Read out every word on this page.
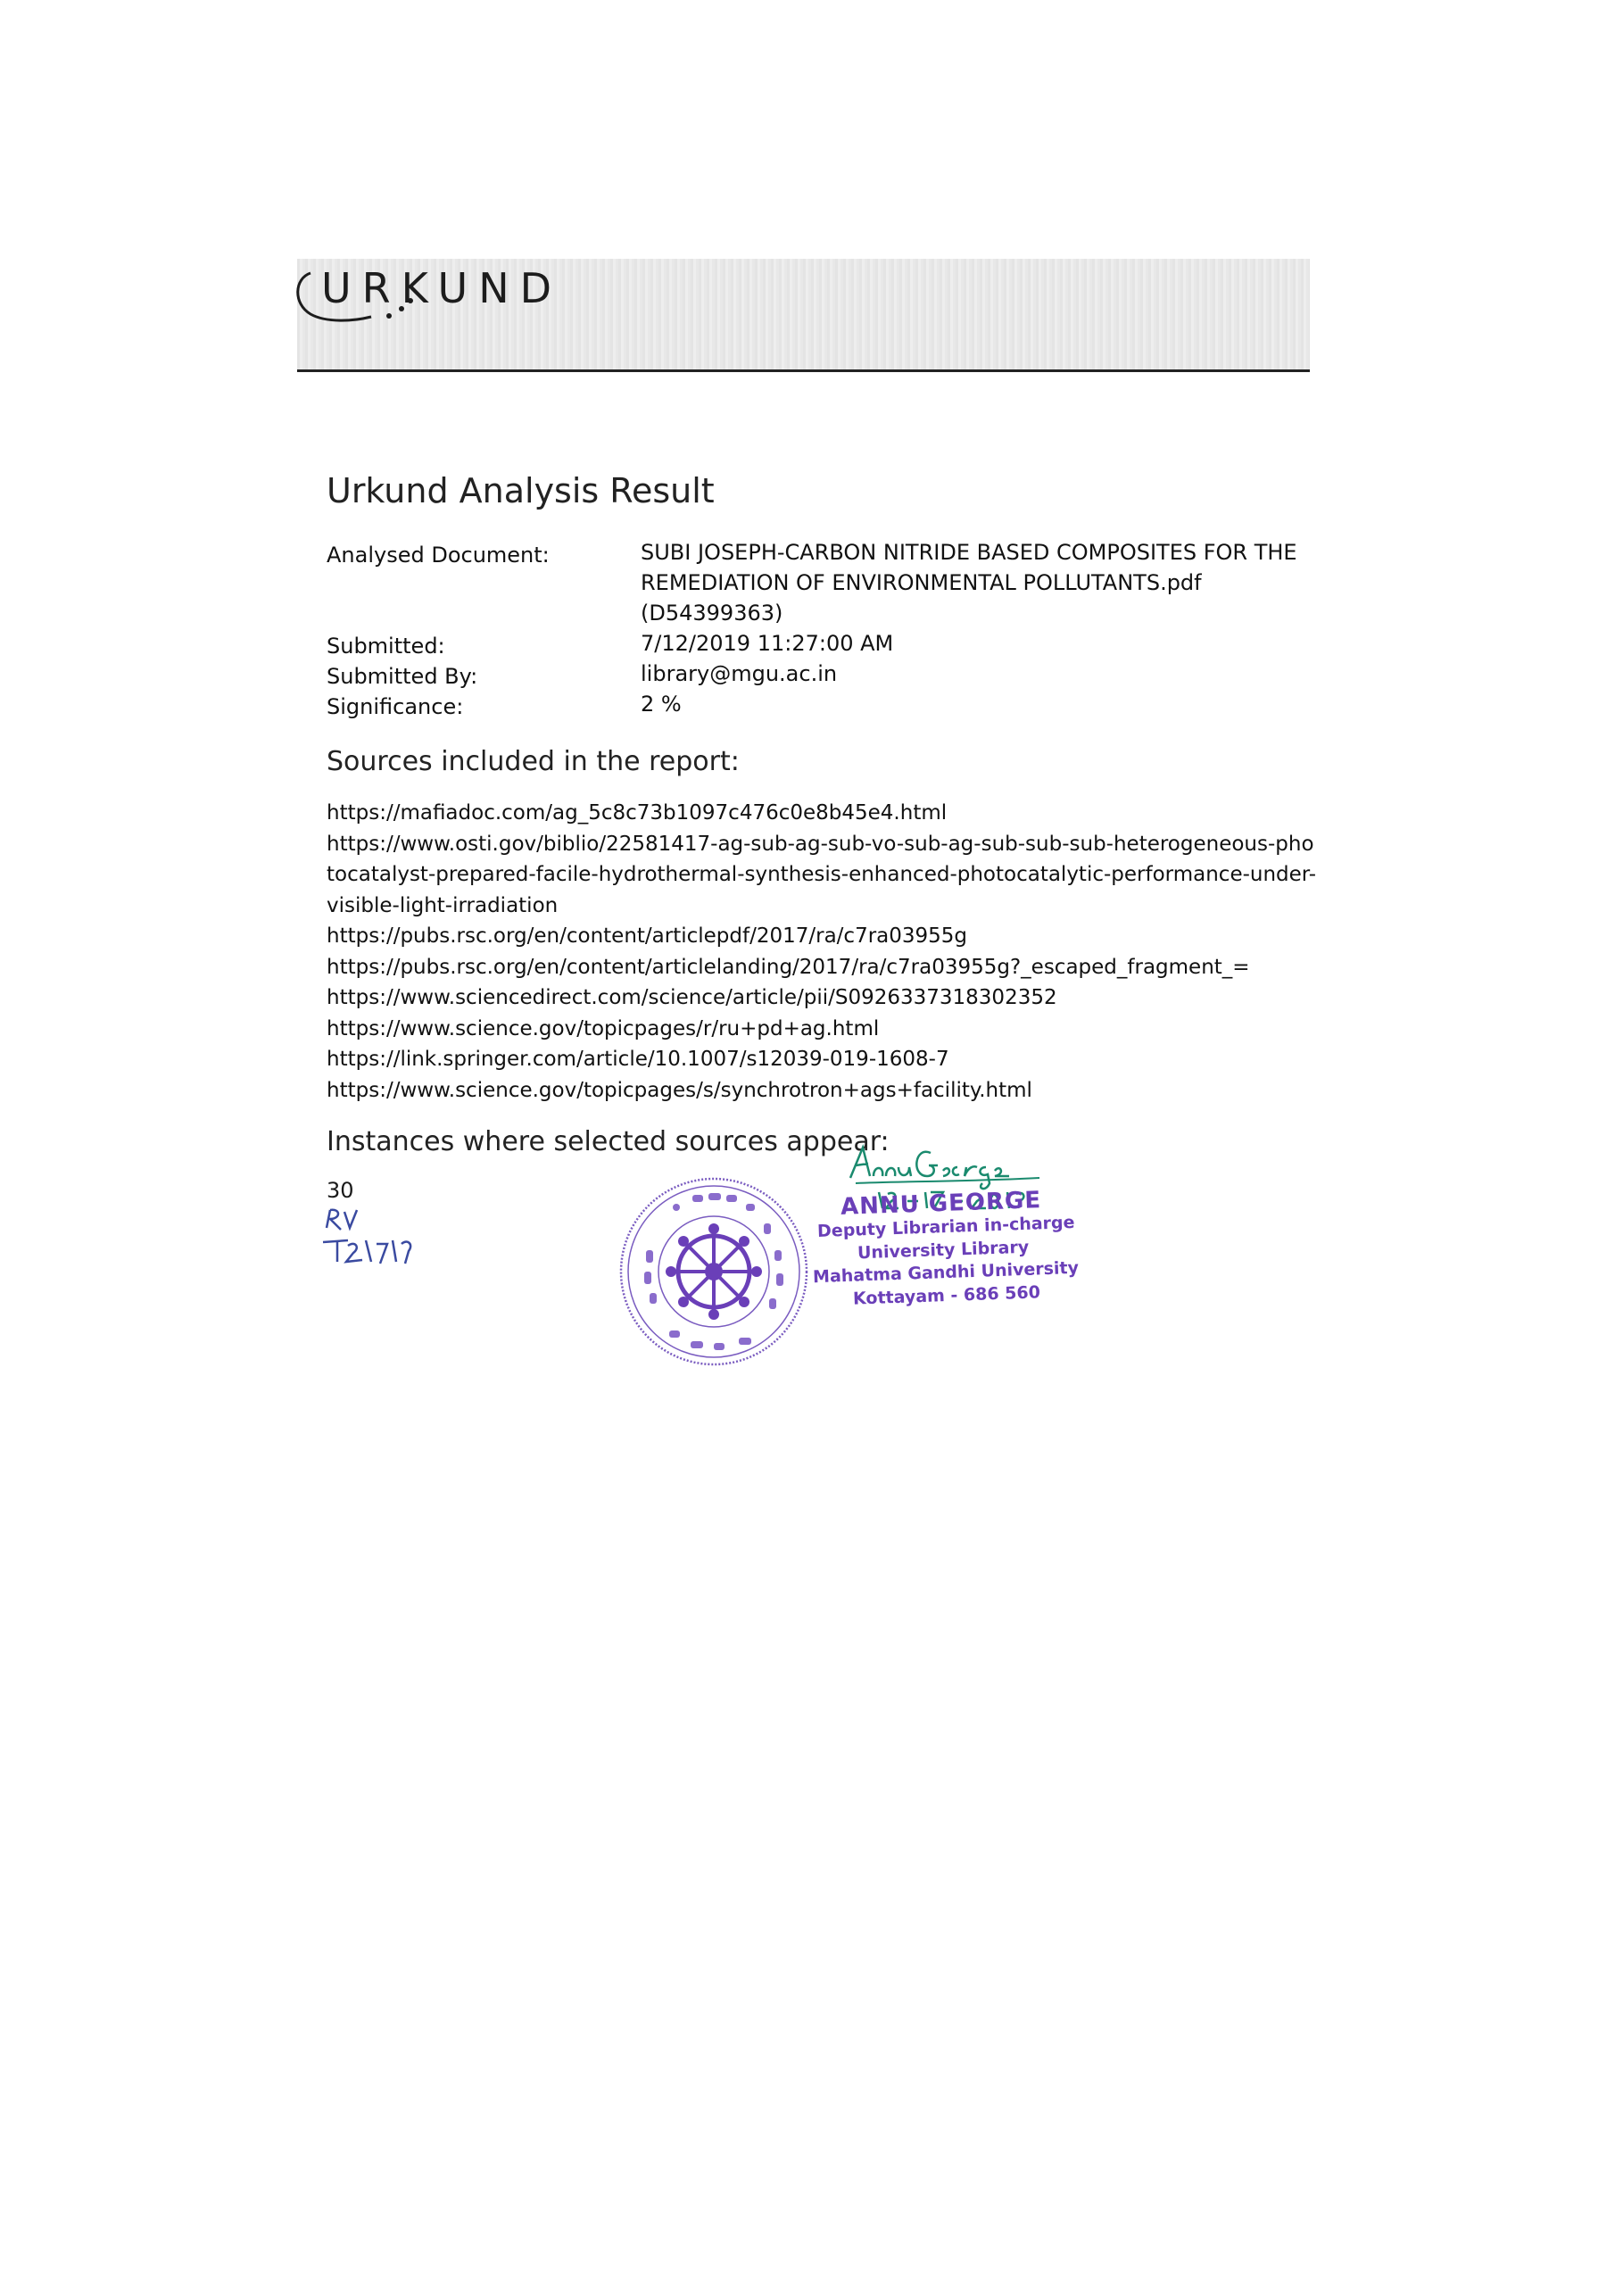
URKUND
Urkund Analysis Result
Analysed Document:	SUBI JOSEPH-CARBON NITRIDE BASED COMPOSITES FOR THE REMEDIATION OF ENVIRONMENTAL POLLUTANTS.pdf (D54399363)
Submitted:	7/12/2019 11:27:00 AM
Submitted By:	library@mgu.ac.in
Significance:	2 %
Sources included in the report:
https://mafiadoc.com/ag_5c8c73b1097c476c0e8b45e4.html
https://www.osti.gov/biblio/22581417-ag-sub-ag-sub-vo-sub-ag-sub-sub-sub-heterogeneous-photocatalyst-prepared-facile-hydrothermal-synthesis-enhanced-photocatalytic-performance-under-visible-light-irradiation
https://pubs.rsc.org/en/content/articlepdf/2017/ra/c7ra03955g
https://pubs.rsc.org/en/content/articlelanding/2017/ra/c7ra03955g?_escaped_fragment_=
https://www.sciencedirect.com/science/article/pii/S0926337318302352
https://www.science.gov/topicpages/r/ru+pd+ag.html
https://link.springer.com/article/10.1007/s12039-019-1608-7
https://www.science.gov/topicpages/s/synchrotron+ags+facility.html
Instances where selected sources appear:
30	ANNU GEORGE
Deputy Librarian in-charge
University Library
Mahatma Gandhi University
Kottayam - 686 560
